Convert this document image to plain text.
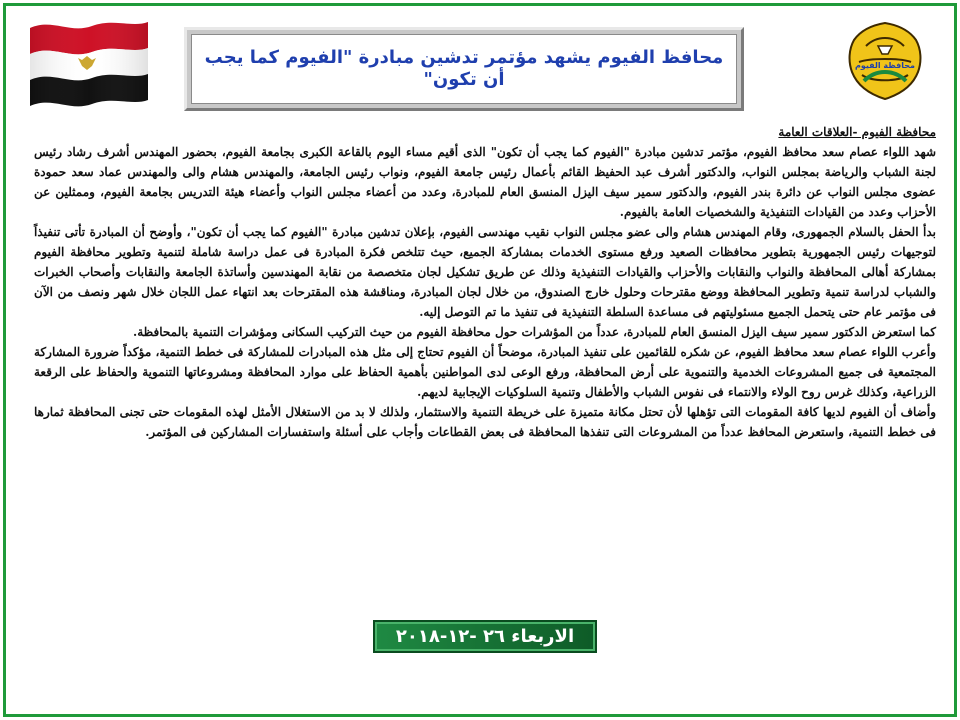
محافظ الفيوم يشهد مؤتمر تدشين مبادرة "الفيوم كما يجب أن تكون"
محافظة الفيوم
محافظة الفيوم -العلاقات العامة

شهد اللواء عصام سعد محافظ الفيوم، مؤتمر تدشين مبادرة "الفيوم كما يجب أن تكون" الذى أقيم مساء اليوم بالقاعة الكبرى بجامعة الفيوم، بحضور المهندس أشرف رشاد رئيس لجنة الشباب والرياضة بمجلس النواب، والدكتور أشرف عبد الحفيظ القائم بأعمال رئيس جامعة الفيوم، ونواب رئيس الجامعة، والمهندس هشام والى والمهندس عماد سعد حمودة عضوى مجلس النواب عن دائرة بندر الفيوم، والدكتور سمير سيف اليزل المنسق العام للمبادرة، وعدد من أعضاء مجلس النواب وأعضاء هيئة التدريس بجامعة الفيوم، وممثلين عن الأحزاب وعدد من القيادات التنفيذية والشخصيات العامة بالفيوم.

بدأ الحفل بالسلام الجمهورى، وقام المهندس هشام والى عضو مجلس النواب نقيب مهندسى الفيوم، بإعلان تدشين مبادرة "الفيوم كما يجب أن تكون"، وأوضح أن المبادرة تأتى تنفيذاً لتوجيهات رئيس الجمهورية بتطوير محافظات الصعيد ورفع مستوى الخدمات بمشاركة الجميع، حيث تتلخص فكرة المبادرة فى عمل دراسة شاملة لتنمية وتطوير محافظة الفيوم بمشاركة أهالى المحافظة والنواب والنقابات والأحزاب والقيادات التنفيذية وذلك عن طريق تشكيل لجان متخصصة من نقابة المهندسين وأساتذة الجامعة والنقابات وأصحاب الخبرات والشباب لدراسة تنمية وتطوير المحافظة ووضع مقترحات وحلول خارج الصندوق، من خلال لجان المبادرة، ومناقشة هذه المقترحات بعد انتهاء عمل اللجان خلال شهر ونصف من الآن فى مؤتمر عام حتى يتحمل الجميع مسئوليتهم فى مساعدة السلطة التنفيذية فى تنفيذ ما تم التوصل إليه.

كما استعرض الدكتور سمير سيف اليزل المنسق العام للمبادرة، عدداً من المؤشرات حول محافظة الفيوم من حيث التركيب السكانى ومؤشرات التنمية بالمحافظة.

وأعرب اللواء عصام سعد محافظ الفيوم، عن شكره للقائمين على تنفيذ المبادرة، موضحاً أن الفيوم تحتاج إلى مثل هذه المبادرات للمشاركة فى خطط التنمية، مؤكداً ضرورة المشاركة المجتمعية فى جميع المشروعات الخدمية والتنموية على أرض المحافظة، ورفع الوعى لدى المواطنين بأهمية الحفاظ على موارد المحافظة ومشروعاتها التنموية والحفاظ على الرقعة الزراعية، وكذلك غرس روح الولاء والانتماء فى نفوس الشباب والأطفال وتنمية السلوكيات الإيجابية لديهم.

وأضاف أن الفيوم لديها كافة المقومات التى تؤهلها لأن تحتل مكانة متميزة على خريطة التنمية والاستثمار، ولذلك لا بد من الاستغلال الأمثل لهذه المقومات حتى تجنى المحافظة ثمارها فى خطط التنمية، واستعرض المحافظ عدداً من المشروعات التى تنفذها المحافظة فى بعض القطاعات وأجاب على أسئلة واستفسارات المشاركين فى المؤتمر.

الاربعاء ٢٦ -١٢-٢٠١٨
